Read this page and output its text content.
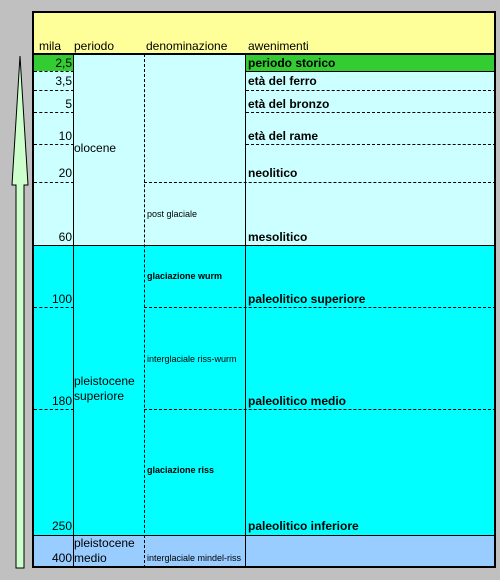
mila periodo	denominazione awenimenti
2,5
3,5
5
10
20
60
100
180
250
400
periodo storico
età del ferro
età del bronzo
età del rame
neolitico
mesolitico
paleolitico superiore
paleolitico medio
paleolitico inferiore
olocene
pleistocene
superiore
pleistocene
medio
post glaciale
glaciazione wurm
interglaciale riss-wurm
glaciazione riss
interglaciale mindel-riss
